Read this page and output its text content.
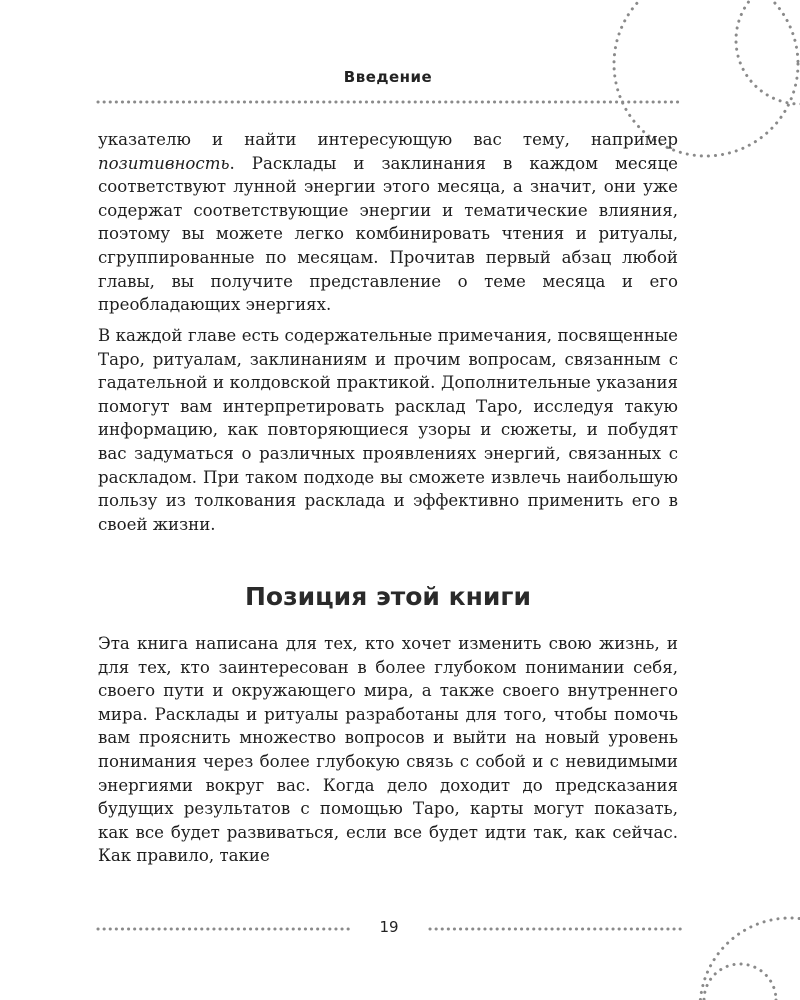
Введение

указателю и найти интересующую вас тему, например позитивность. Расклады и заклинания в каждом месяце соответствуют лунной энергии этого месяца, а значит, они уже содержат соответствующие энергии и тематические влияния, поэтому вы можете легко комбинировать чтения и ритуалы, сгруппированные по месяцам. Прочитав первый абзац любой главы, вы получите представление о теме месяца и его преобладающих энергиях.

В каждой главе есть содержательные примечания, посвященные Таро, ритуалам, заклинаниям и прочим вопросам, связанным с гадательной и колдовской практикой. Дополнительные указания помогут вам интерпретировать расклад Таро, исследуя такую информацию, как повторяющиеся узоры и сюжеты, и побудят вас задуматься о различных проявлениях энергий, связанных с раскладом. При таком подходе вы сможете извлечь наибольшую пользу из толкования расклада и эффективно применить его в своей жизни.

Позиция этой книги

Эта книга написана для тех, кто хочет изменить свою жизнь, и для тех, кто заинтересован в более глубоком понимании себя, своего пути и окружающего мира, а также своего внутреннего мира. Расклады и ритуалы разработаны для того, чтобы помочь вам прояснить множество вопросов и выйти на новый уровень понимания через более глубокую связь с собой и с невидимыми энергиями вокруг вас. Когда дело доходит до предсказания будущих результатов с помощью Таро, карты могут показать, как все будет развиваться, если все будет идти так, как сейчас. Как правило, такие

19
